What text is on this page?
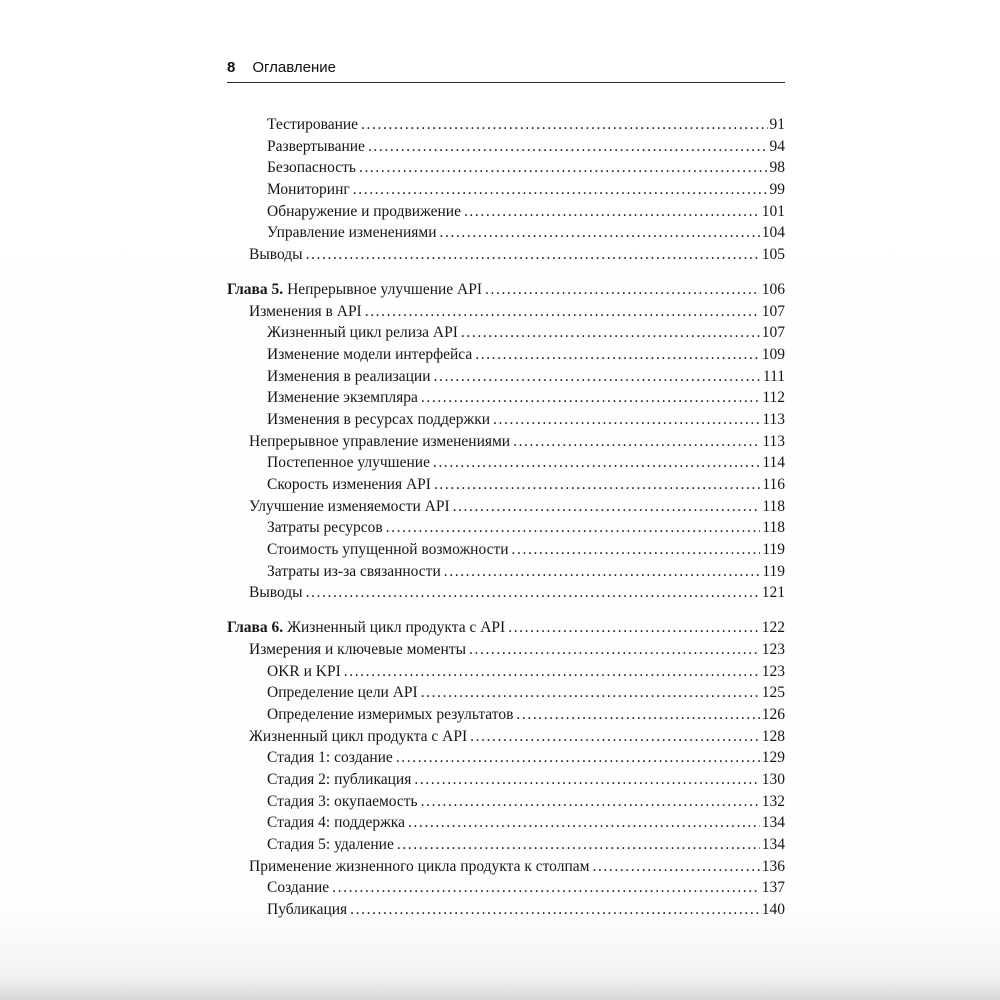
8 Оглавление
Тестирование .....	91
Развертывание .....	94
Безопасность .....	98
Мониторинг .....	99
Обнаружение и продвижение .....	101
Управление изменениями .....	104
Выводы .....	105
Глава 5. Непрерывное улучшение API .....	106
Изменения в API .....	107
Жизненный цикл релиза API .....	107
Изменение модели интерфейса .....	109
Изменения в реализации .....	111
Изменение экземпляра .....	112
Изменения в ресурсах поддержки .....	113
Непрерывное управление изменениями .....	113
Постепенное улучшение .....	114
Скорость изменения API .....	116
Улучшение изменяемости API .....	118
Затраты ресурсов .....	118
Стоимость упущенной возможности .....	119
Затраты из-за связанности .....	119
Выводы .....	121
Глава 6. Жизненный цикл продукта с API .....	122
Измерения и ключевые моменты .....	123
OKR и KPI .....	123
Определение цели API .....	125
Определение измеримых результатов .....	126
Жизненный цикл продукта с API .....	128
Стадия 1: создание .....	129
Стадия 2: публикация .....	130
Стадия 3: окупаемость .....	132
Стадия 4: поддержка .....	134
Стадия 5: удаление .....	134
Применение жизненного цикла продукта к столпам .....	136
Создание .....	137
Публикация .....	140
